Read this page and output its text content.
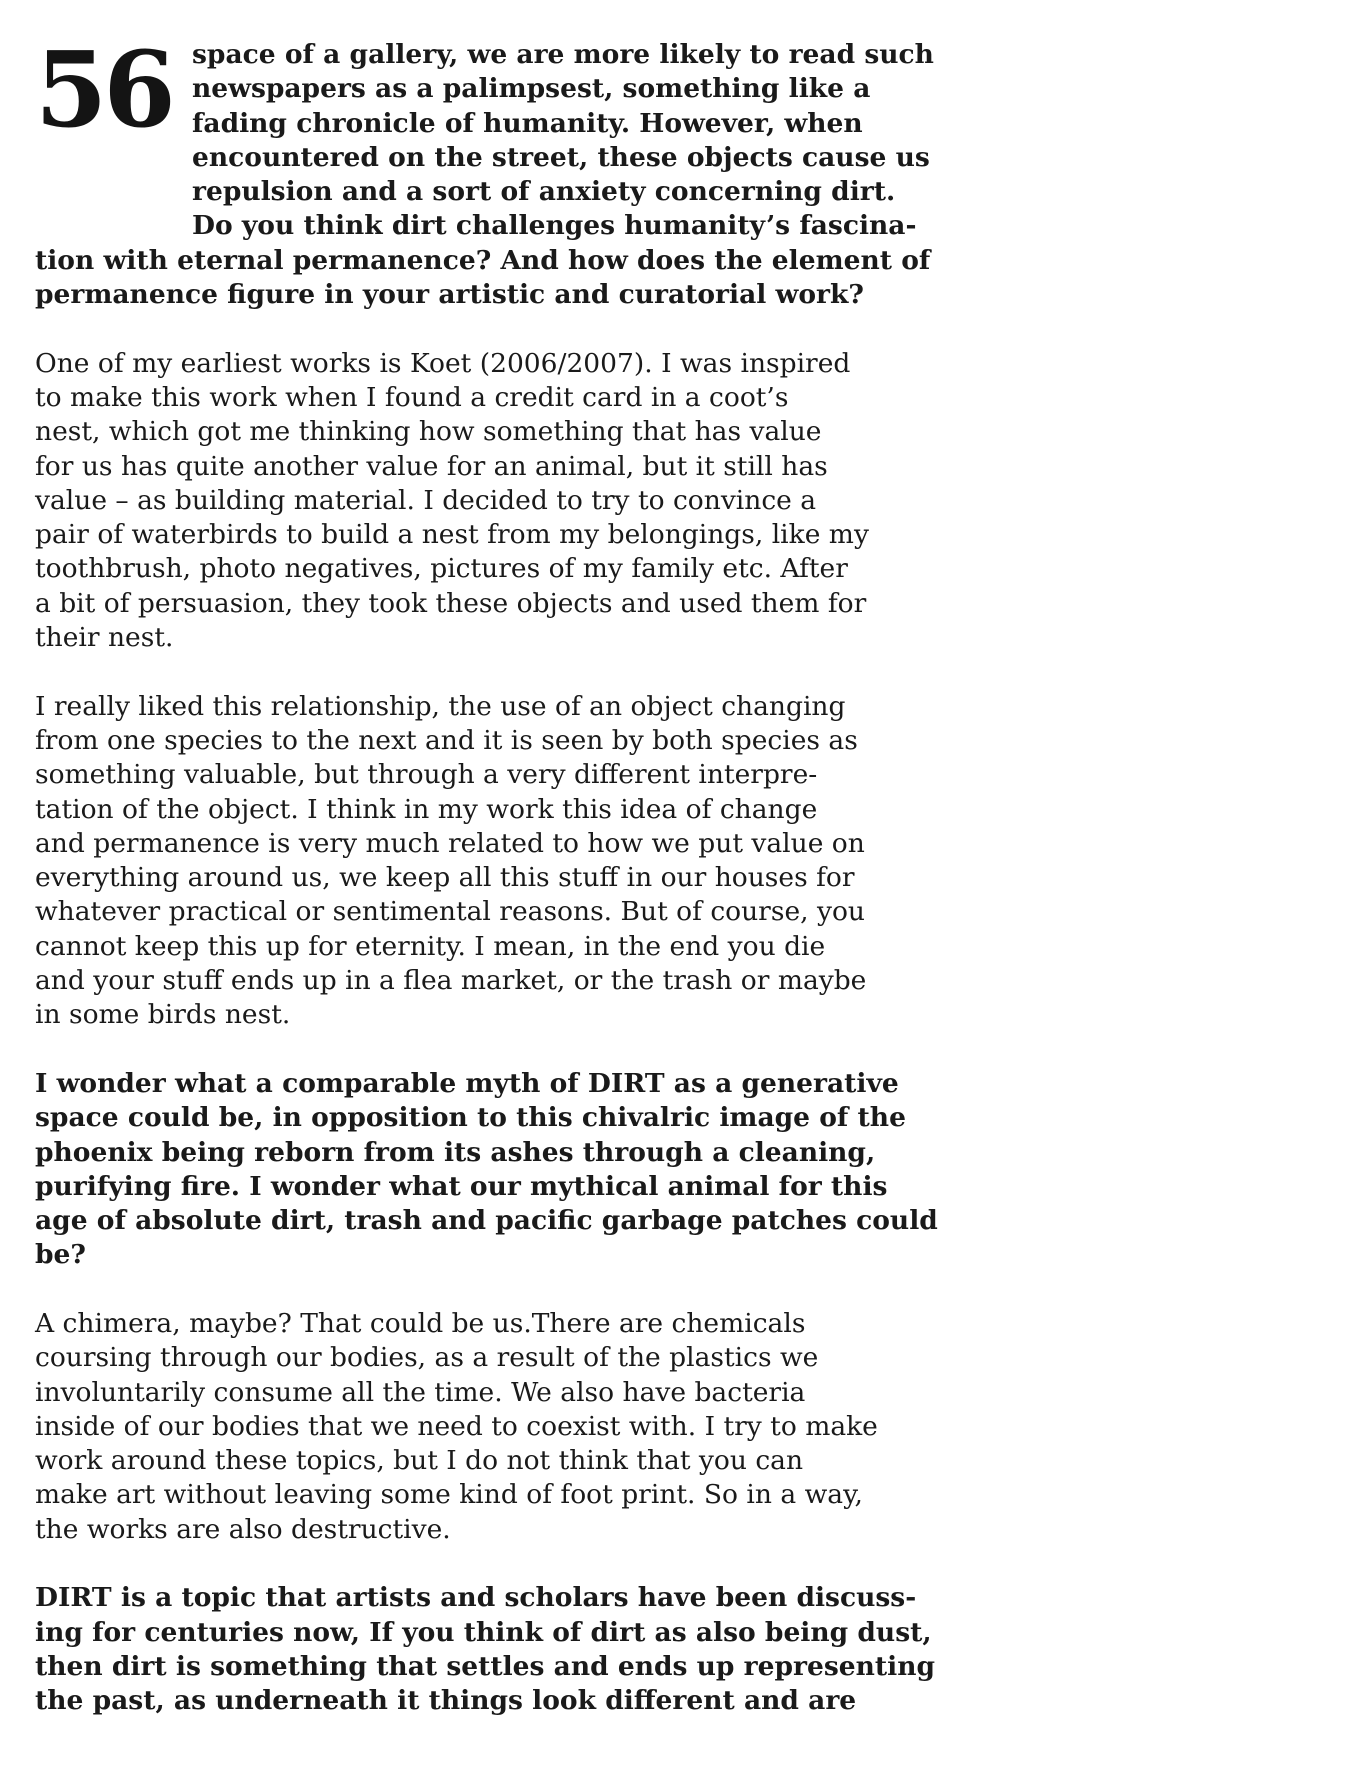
56 space of a gallery, we are more likely to read such
newspapers as a palimpsest, something like a
fading chronicle of humanity. However, when
encountered on the street, these objects cause us
repulsion and a sort of anxiety concerning dirt.
Do you think dirt challenges humanity’s fascina-
tion with eternal permanence? And how does the element of
permanence figure in your artistic and curatorial work?
One of my earliest works is Koet (2006/2007). I was inspired
to make this work when I found a credit card in a coot’s
nest, which got me thinking how something that has value
for us has quite another value for an animal, but it still has
value – as building material. I decided to try to convince a
pair of waterbirds to build a nest from my belongings, like my
toothbrush, photo negatives, pictures of my family etc. After
a bit of persuasion, they took these objects and used them for
their nest.
I really liked this relationship, the use of an object changing
from one species to the next and it is seen by both species as
something valuable, but through a very different interpre-
tation of the object. I think in my work this idea of change
and permanence is very much related to how we put value on
everything around us, we keep all this stuff in our houses for
whatever practical or sentimental reasons. But of course, you
cannot keep this up for eternity. I mean, in the end you die
and your stuff ends up in a flea market, or the trash or maybe
in some birds nest.
I wonder what a comparable myth of DIRT as a generative
space could be, in opposition to this chivalric image of the
phoenix being reborn from its ashes through a cleaning,
purifying fire. I wonder what our mythical animal for this
age of absolute dirt, trash and pacific garbage patches could
be?
A chimera, maybe? That could be us.There are chemicals
coursing through our bodies, as a result of the plastics we
involuntarily consume all the time. We also have bacteria
inside of our bodies that we need to coexist with. I try to make
work around these topics, but I do not think that you can
make art without leaving some kind of foot print. So in a way,
the works are also destructive.
DIRT is a topic that artists and scholars have been discuss-
ing for centuries now, If you think of dirt as also being dust,
then dirt is something that settles and ends up representing
the past, as underneath it things look different and are
